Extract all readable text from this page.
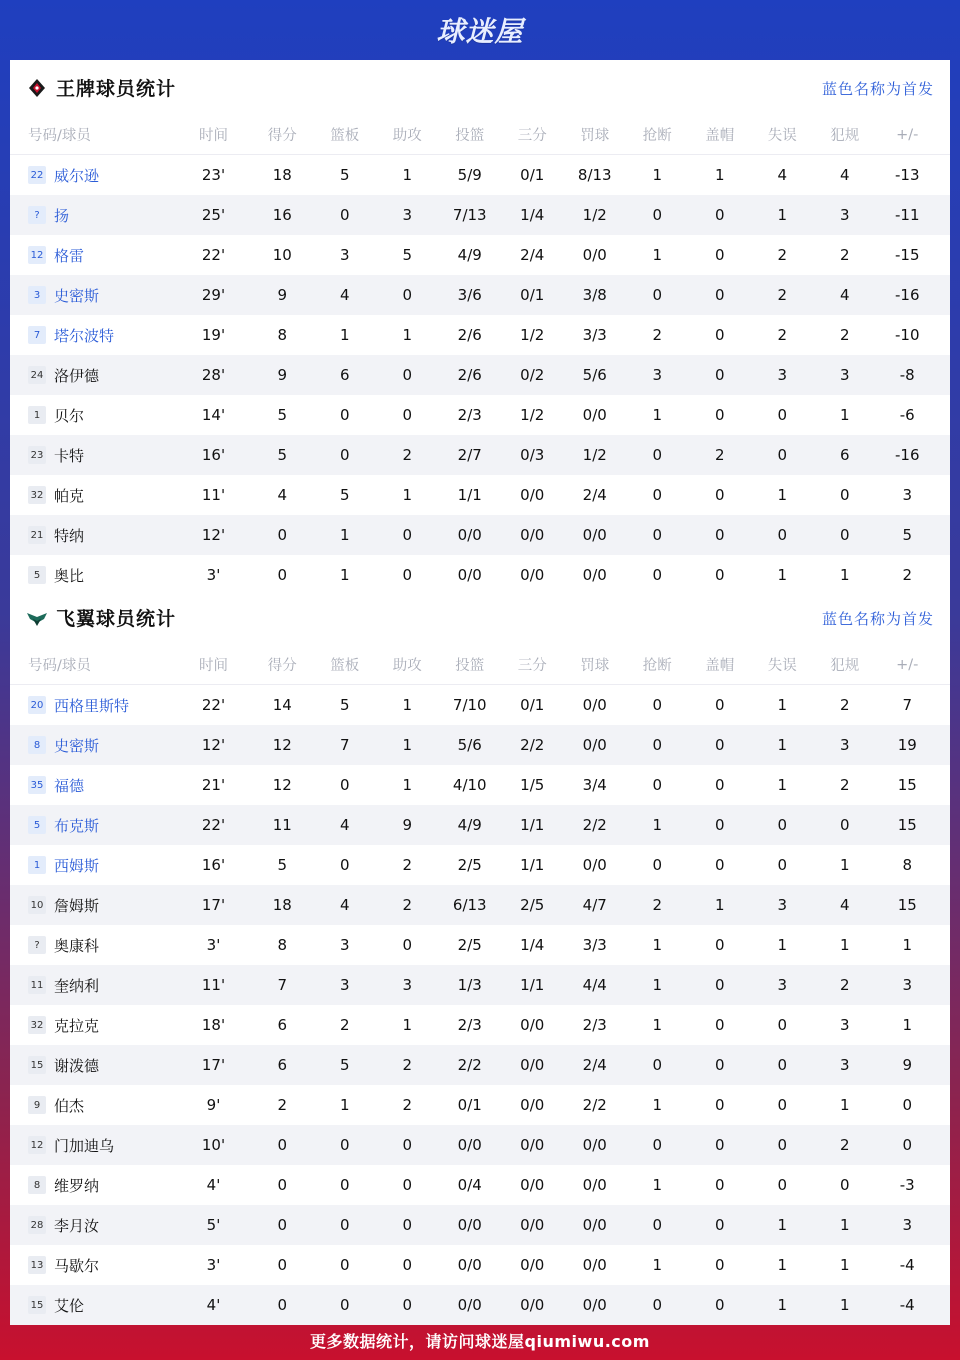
球迷屋
王牌球员统计	蓝色名称为首发
号码/球员	时间	得分	篮板	助攻	投篮	三分	罚球	抢断	盖帽	失误	犯规	+/-
22 威尔逊	23'	18	5	1	5/9	0/1	8/13	1	1	4	4	-13
? 扬	25'	16	0	3	7/13	1/4	1/2	0	0	1	3	-11
12 格雷	22'	10	3	5	4/9	2/4	0/0	1	0	2	2	-15
3 史密斯	29'	9	4	0	3/6	0/1	3/8	0	0	2	4	-16
7 塔尔波特	19'	8	1	1	2/6	1/2	3/3	2	0	2	2	-10
24 洛伊德	28'	9	6	0	2/6	0/2	5/6	3	0	3	3	-8
1 贝尔	14'	5	0	0	2/3	1/2	0/0	1	0	0	1	-6
23 卡特	16'	5	0	2	2/7	0/3	1/2	0	2	0	6	-16
32 帕克	11'	4	5	1	1/1	0/0	2/4	0	0	1	0	3
21 特纳	12'	0	1	0	0/0	0/0	0/0	0	0	0	0	5
5 奥比	3'	0	1	0	0/0	0/0	0/0	0	0	1	1	2
飞翼球员统计	蓝色名称为首发
号码/球员	时间	得分	篮板	助攻	投篮	三分	罚球	抢断	盖帽	失误	犯规	+/-
20 西格里斯特	22'	14	5	1	7/10	0/1	0/0	0	0	1	2	7
8 史密斯	12'	12	7	1	5/6	2/2	0/0	0	0	1	3	19
35 福德	21'	12	0	1	4/10	1/5	3/4	0	0	1	2	15
5 布克斯	22'	11	4	9	4/9	1/1	2/2	1	0	0	0	15
1 西姆斯	16'	5	0	2	2/5	1/1	0/0	0	0	0	1	8
10 詹姆斯	17'	18	4	2	6/13	2/5	4/7	2	1	3	4	15
? 奥康科	3'	8	3	0	2/5	1/4	3/3	1	0	1	1	1
11 奎纳利	11'	7	3	3	1/3	1/1	4/4	1	0	3	2	3
32 克拉克	18'	6	2	1	2/3	0/0	2/3	1	0	0	3	1
15 谢泼德	17'	6	5	2	2/2	0/0	2/4	0	0	0	3	9
9 伯杰	9'	2	1	2	0/1	0/0	2/2	1	0	0	1	0
12 门加迪乌	10'	0	0	0	0/0	0/0	0/0	0	0	0	2	0
8 维罗纳	4'	0	0	0	0/4	0/0	0/0	1	0	0	0	-3
28 李月汝	5'	0	0	0	0/0	0/0	0/0	0	0	1	1	3
13 马歇尔	3'	0	0	0	0/0	0/0	0/0	1	0	1	1	-4
15 艾伦	4'	0	0	0	0/0	0/0	0/0	0	0	1	1	-4
更多数据统计，请访问球迷屋qiumiwu.com
